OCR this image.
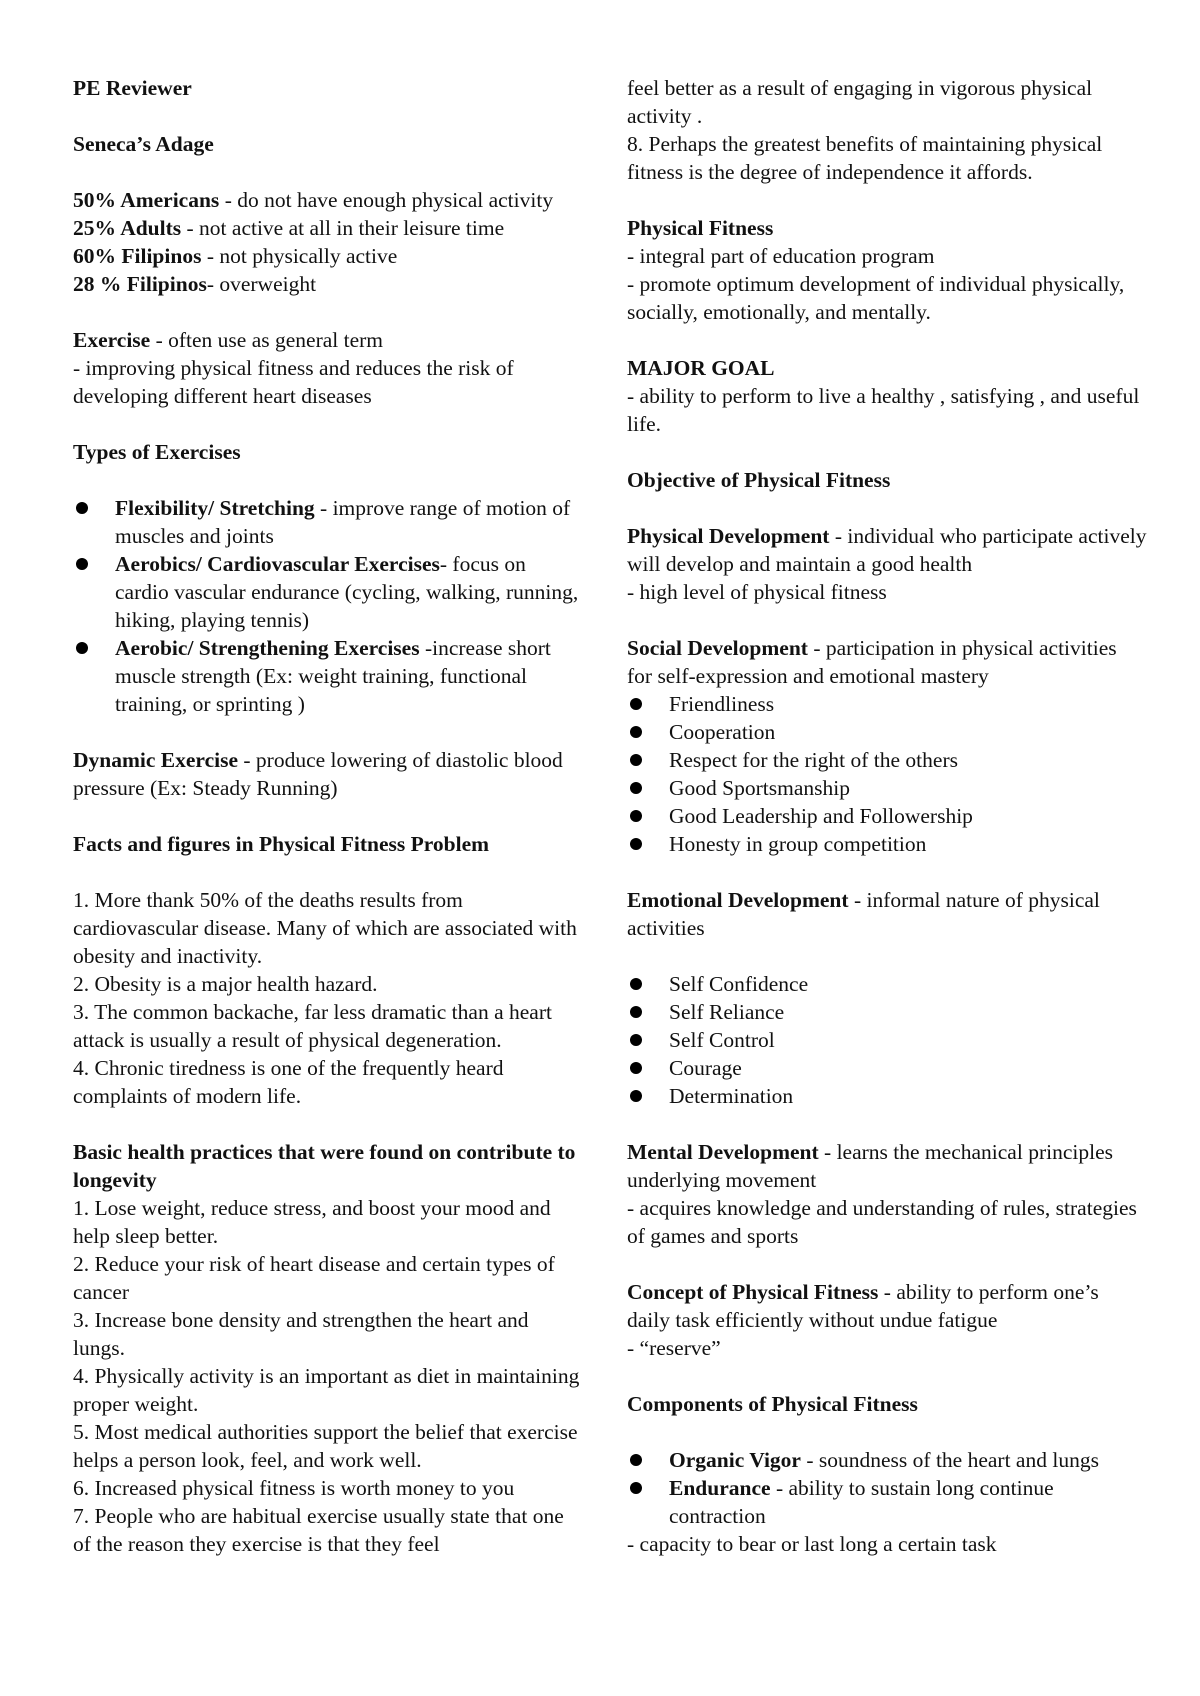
PE Reviewer

Seneca’s Adage

50% Americans - do not have enough physical activity

25% Adults - not active at all in their leisure time

60% Filipinos - not physically active

28 % Filipinos- overweight

Exercise - often use as general term

- improving physical fitness and reduces the risk of developing different heart diseases

Types of Exercises

Flexibility/ Stretching - improve range of motion of muscles and joints
Aerobics/ Cardiovascular Exercises- focus on cardio vascular endurance (cycling, walking, running, hiking, playing tennis)
Aerobic/ Strengthening Exercises -increase short muscle strength (Ex: weight training, functional training, or sprinting )

Dynamic Exercise - produce lowering of diastolic blood pressure (Ex: Steady Running)

Facts and figures in Physical Fitness Problem

1. More thank 50% of the deaths results from cardiovascular disease. Many of which are associated with obesity and inactivity.

2. Obesity is a major health hazard.

3. The common backache, far less dramatic than a heart attack is usually a result of physical degeneration.

4. Chronic tiredness is one of the frequently heard complaints of modern life.

Basic health practices that were found on contribute to longevity

1. Lose weight, reduce stress, and boost your mood and help sleep better.

2. Reduce your risk of heart disease and certain types of cancer

3. Increase bone density and strengthen the heart and lungs.

4. Physically activity is an important as diet in maintaining proper weight.

5. Most medical authorities support the belief that exercise helps a person look, feel, and work well.

6. Increased physical fitness is worth money to you

7. People who are habitual exercise usually state that one of the reason they exercise is that they feel

feel better as a result of engaging in vigorous physical activity .

8. Perhaps the greatest benefits of maintaining physical fitness is the degree of independence it affords.

Physical Fitness

- integral part of education program

- promote optimum development of individual physically, socially, emotionally, and mentally.

MAJOR GOAL

- ability to perform to live a healthy , satisfying , and useful life.

Objective of Physical Fitness

Physical Development - individual who participate actively will develop and maintain a good health

- high level of physical fitness

Social Development - participation in physical activities for self-expression and emotional mastery

Friendliness
Cooperation
Respect for the right of the others
Good Sportsmanship
Good Leadership and Followership
Honesty in group competition

Emotional Development - informal nature of physical activities

Self Confidence
Self Reliance
Self Control
Courage
Determination

Mental Development - learns the mechanical principles underlying movement

- acquires knowledge and understanding of rules, strategies of games and sports

Concept of Physical Fitness - ability to perform one’s daily task efficiently without undue fatigue

- “reserve”

Components of Physical Fitness

Organic Vigor - soundness of the heart and lungs
Endurance - ability to sustain long continue contraction

- capacity to bear or last long a certain task
